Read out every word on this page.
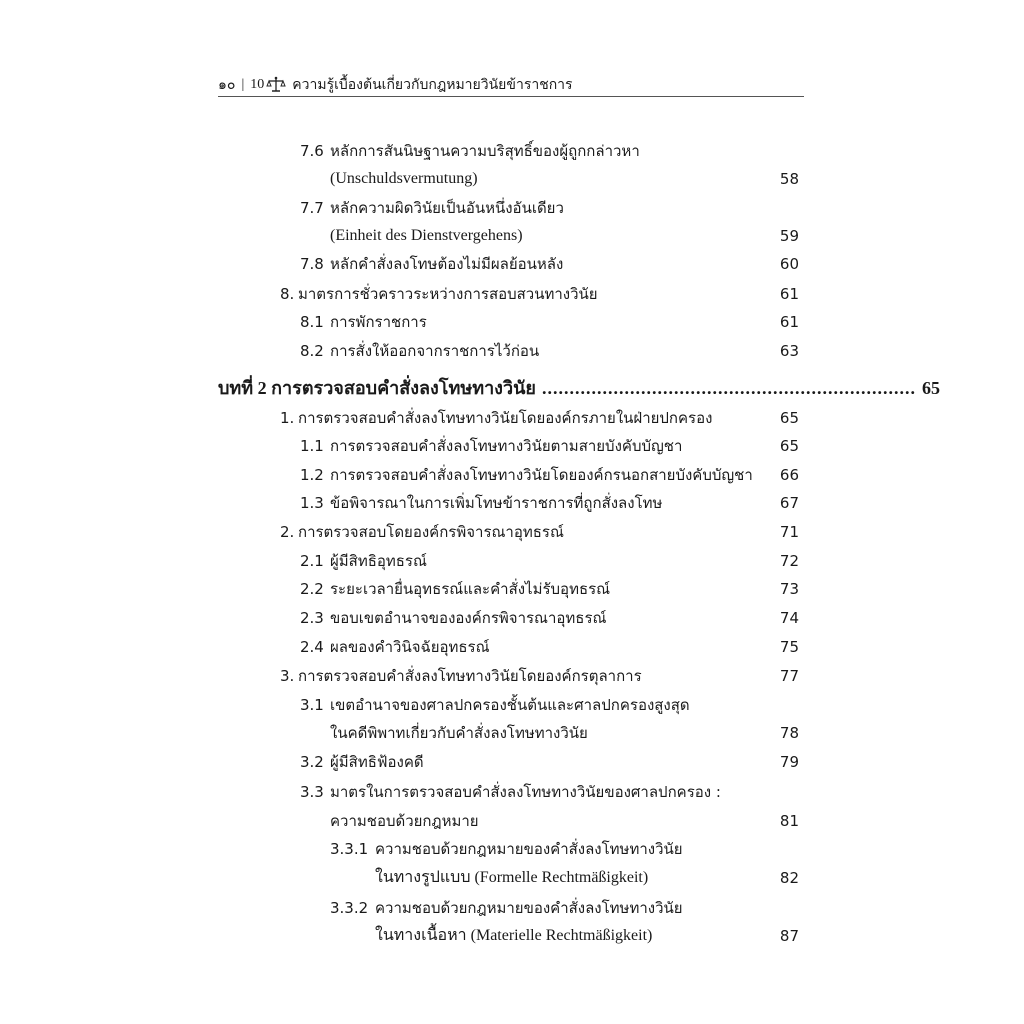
๑๐ | 10 ความรู้เบื้องต้นเกี่ยวกับกฎหมายวินัยข้าราชการ
7.6 หลักการสันนิษฐานความบริสุทธิ์ของผู้ถูกกล่าวหา
(Unschuldsvermutung)	58
7.7 หลักความผิดวินัยเป็นอันหนึ่งอันเดียว
(Einheit des Dienstvergehens)	59
7.8 หลักคำสั่งลงโทษต้องไม่มีผลย้อนหลัง	60
8. มาตรการชั่วคราวระหว่างการสอบสวนทางวินัย	61
8.1 การพักราชการ	61
8.2 การสั่งให้ออกจากราชการไว้ก่อน	63
บทที่ 2 การตรวจสอบคำสั่งลงโทษทางวินัย .................................................................... 65
1. การตรวจสอบคำสั่งลงโทษทางวินัยโดยองค์กรภายในฝ่ายปกครอง	65
1.1 การตรวจสอบคำสั่งลงโทษทางวินัยตามสายบังคับบัญชา	65
1.2 การตรวจสอบคำสั่งลงโทษทางวินัยโดยองค์กรนอกสายบังคับบัญชา 66
1.3 ข้อพิจารณาในการเพิ่มโทษข้าราชการที่ถูกสั่งลงโทษ	67
2. การตรวจสอบโดยองค์กรพิจารณาอุทธรณ์	71
2.1 ผู้มีสิทธิอุทธรณ์	72
2.2 ระยะเวลายื่นอุทธรณ์และคำสั่งไม่รับอุทธรณ์	73
2.3 ขอบเขตอำนาจขององค์กรพิจารณาอุทธรณ์	74
2.4 ผลของคำวินิจฉัยอุทธรณ์	75
3. การตรวจสอบคำสั่งลงโทษทางวินัยโดยองค์กรตุลาการ	77
3.1 เขตอำนาจของศาลปกครองชั้นต้นและศาลปกครองสูงสุด
ในคดีพิพาทเกี่ยวกับคำสั่งลงโทษทางวินัย	78
3.2 ผู้มีสิทธิฟ้องคดี	79
3.3 มาตรในการตรวจสอบคำสั่งลงโทษทางวินัยของศาลปกครอง :
ความชอบด้วยกฎหมาย	81
3.3.1 ความชอบด้วยกฎหมายของคำสั่งลงโทษทางวินัย
ในทางรูปแบบ (Formelle Rechtmäßigkeit)	82
3.3.2 ความชอบด้วยกฎหมายของคำสั่งลงโทษทางวินัย
ในทางเนื้อหา (Materielle Rechtmäßigkeit)	87
